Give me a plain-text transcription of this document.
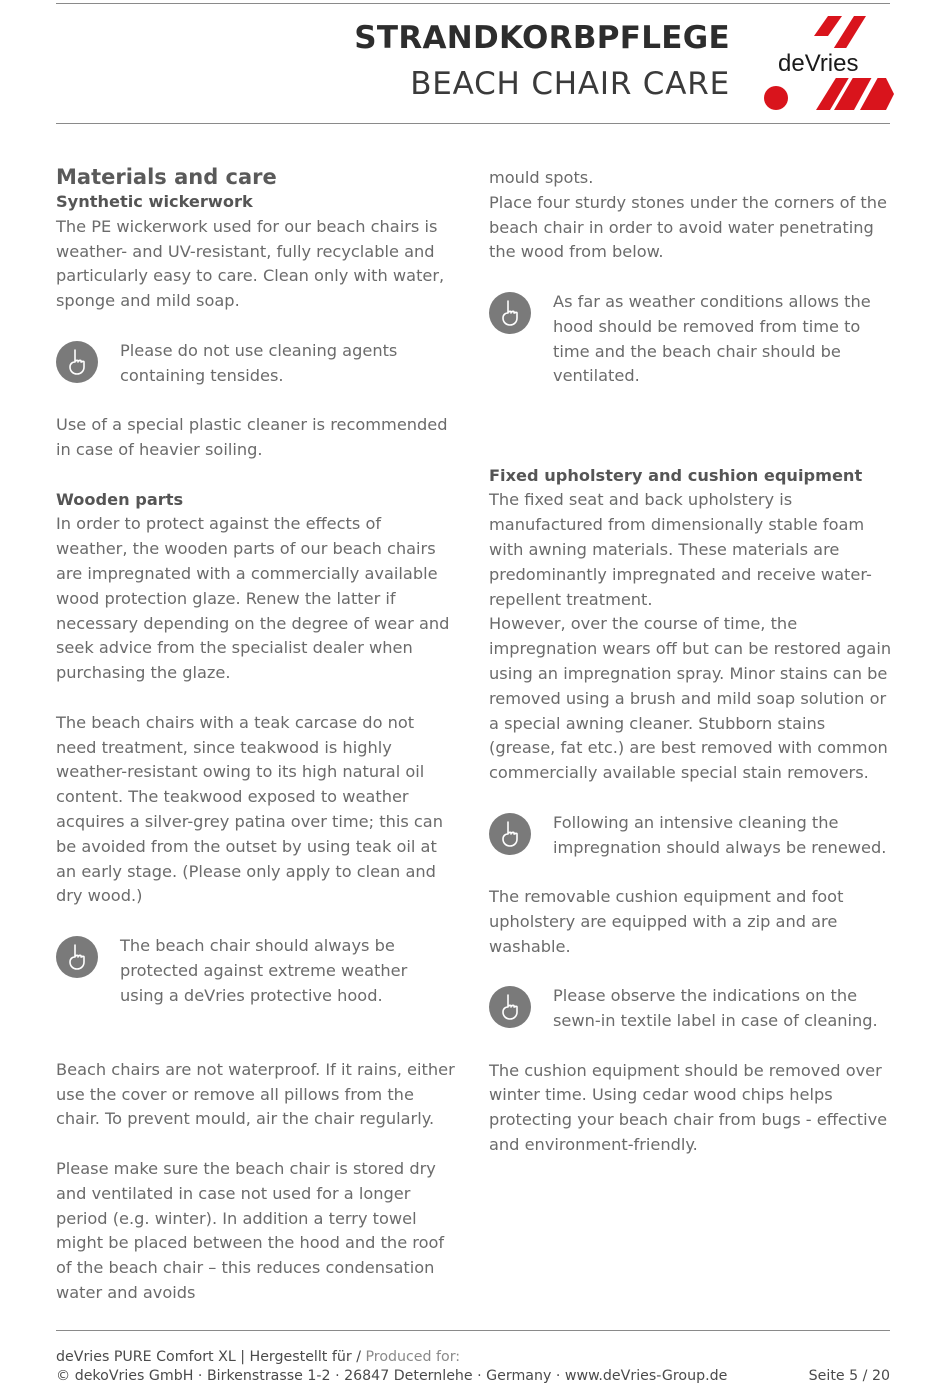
STRANDKORBPFLEGE
BEACH CHAIR CARE
deVries

Materials and care

Synthetic wickerwork

The PE wickerwork used for our beach chairs is weather- and UV-resistant, fully recyclable and particularly easy to care. Clean only with water, sponge and mild soap.

Please do not use cleaning agents containing tensides.

Use of a special plastic cleaner is recommended in case of heavier soiling.

Wooden parts

In order to protect against the effects of weather, the wooden parts of our beach chairs are impregnated with a commercially available wood protection glaze. Renew the latter if necessary depending on the degree of wear and seek advice from the specialist dealer when purchasing the glaze.

The beach chairs with a teak carcase do not need treatment, since teakwood is highly weather-resistant owing to its high natural oil content. The teakwood exposed to weather acquires a silver-grey patina over time; this can be avoided from the outset by using teak oil at an early stage. (Please only apply to clean and dry wood.)

The beach chair should always be protected against extreme weather using a deVries protective hood.

Beach chairs are not waterproof. If it rains, either use the cover or remove all pillows from the chair. To prevent mould, air the chair regularly.

Please make sure the beach chair is stored dry and ventilated in case not used for a longer period (e.g. winter). In addition a terry towel might be placed between the hood and the roof of the beach chair – this reduces condensation water and avoids

mould spots.

Place four sturdy stones under the corners of the beach chair in order to avoid water penetrating the wood from below.

As far as weather conditions allows the hood should be removed from time to time and the beach chair should be ventilated.

Fixed upholstery and cushion equipment

The fixed seat and back upholstery is manufactured from dimensionally stable foam with awning materials. These materials are predominantly impregnated and receive water-repellent treatment.

However, over the course of time, the impregnation wears off but can be restored again using an impregnation spray. Minor stains can be removed using a brush and mild soap solution or a special awning cleaner. Stubborn stains (grease, fat etc.) are best removed with common commercially available special stain removers.

Following an intensive cleaning the impregnation should always be renewed.

The removable cushion equipment and foot upholstery are equipped with a zip and are washable.

Please observe the indications on the sewn-in textile label in case of cleaning.

The cushion equipment should be removed over winter time. Using cedar wood chips helps protecting your beach chair from bugs - effective and environment-friendly.

deVries PURE Comfort XL | Hergestellt für / Produced for:
© dekoVries GmbH · Birkenstrasse 1-2 · 26847 Deternlehe · Germany · www.deVries-Group.de	Seite 5 / 20
